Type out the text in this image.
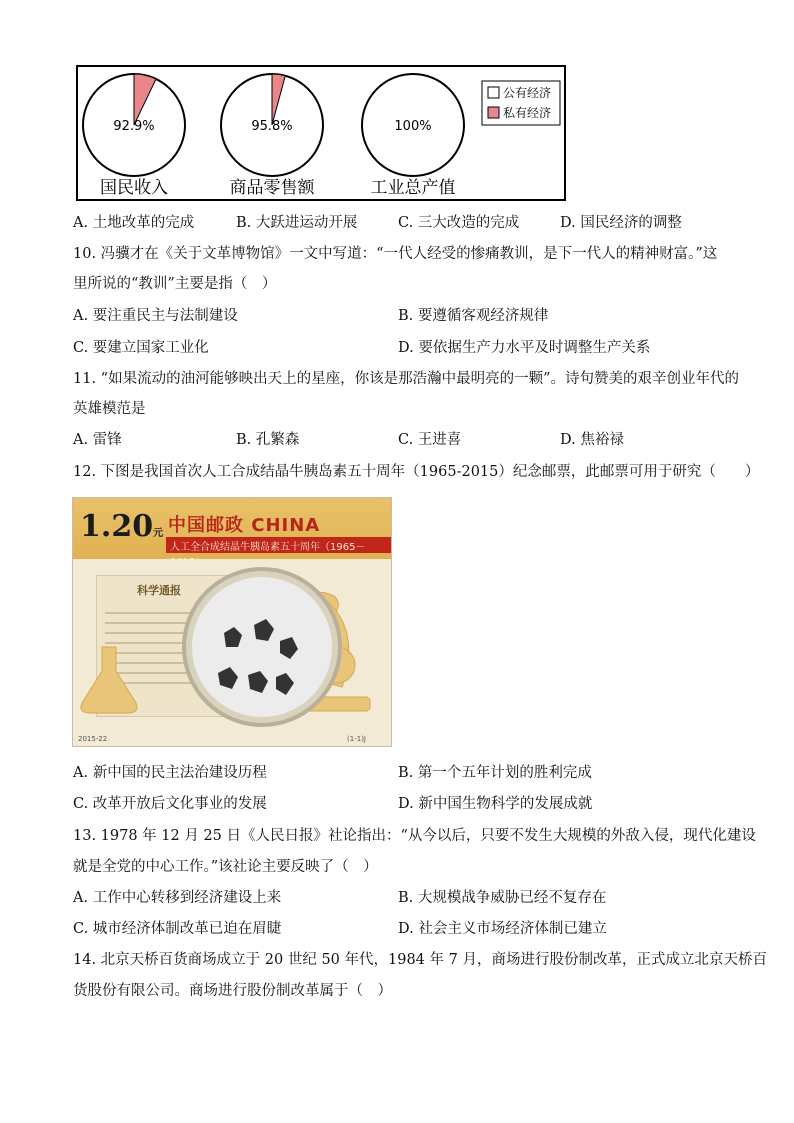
92.9%
国民收入
95.8%
商品零售额
100%
工业总产值
公有经济
私有经济
A. 土地改革的完成	B. 大跃进运动开展	C. 三大改造的完成	D. 国民经济的调整
10. 冯骥才在《关于文革博物馆》一文中写道：“一代人经受的惨痛教训，是下一代人的精神财富。”这
里所说的“教训”主要是指（　）
A. 要注重民主与法制建设	B. 要遵循客观经济规律
C. 要建立国家工业化	D. 要依据生产力水平及时调整生产关系
11. “如果流动的油河能够映出天上的星座，你该是那浩瀚中最明亮的一颗”。诗句赞美的艰辛创业年代的
英雄模范是
A. 雷锋	B. 孔繁森	C. 王进喜	D. 焦裕禄
12. 下图是我国首次人工合成结晶牛胰岛素五十周年（1965-2015）纪念邮票，此邮票可用于研究（　　）
1.20元 中国邮政 CHINA
人工全合成结晶牛胰岛素五十周年（1965－2015）
科学通报
2015-22	(1-1)J
A. 新中国的民主法治建设历程	B. 第一个五年计划的胜利完成
C. 改革开放后文化事业的发展	D. 新中国生物科学的发展成就
13. 1978 年 12 月 25 日《人民日报》社论指出：“从今以后，只要不发生大规模的外敌入侵，现代化建设
就是全党的中心工作。”该社论主要反映了（　）
A. 工作中心转移到经济建设上来	B. 大规模战争威胁已经不复存在
C. 城市经济体制改革已迫在眉睫	D. 社会主义市场经济体制已建立
14. 北京天桥百货商场成立于 20 世纪 50 年代，1984 年 7 月，商场进行股份制改革，正式成立北京天桥百
货股份有限公司。商场进行股份制改革属于（　）
